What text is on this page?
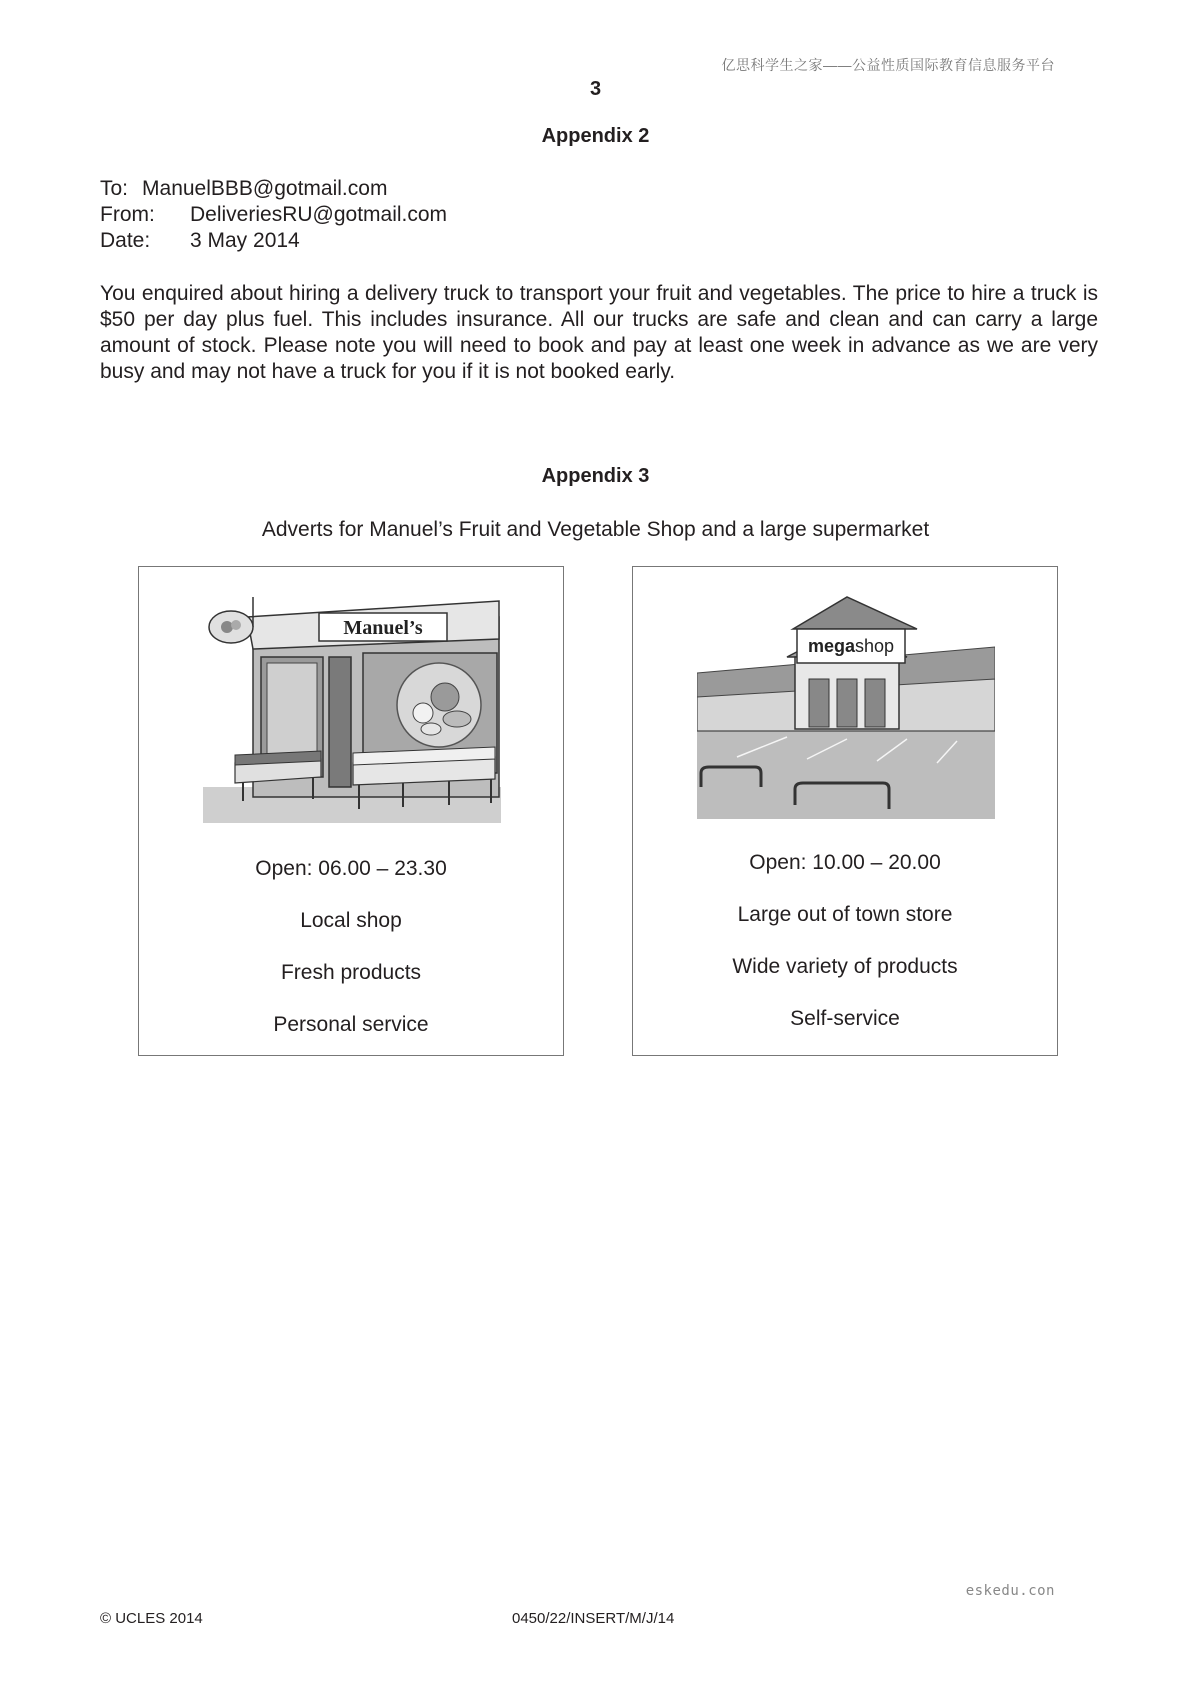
亿思科学生之家——公益性质国际教育信息服务平台
3
Appendix 2
To: ManuelBBB@gotmail.com
From: DeliveriesRU@gotmail.com
Date: 3 May 2014
You enquired about hiring a delivery truck to transport your fruit and vegetables. The price to hire a truck is $50 per day plus fuel. This includes insurance. All our trucks are safe and clean and can carry a large amount of stock. Please note you will need to book and pay at least one week in advance as we are very busy and may not have a truck for you if it is not booked early.
Appendix 3
Adverts for Manuel’s Fruit and Vegetable Shop and a large supermarket
Manuel’s
Open: 06.00 – 23.30
Local shop
Fresh products
Personal service
megashop
Open: 10.00 – 20.00
Large out of town store
Wide variety of products
Self-service
eskedu.con
© UCLES 2014	0450/22/INSERT/M/J/14
